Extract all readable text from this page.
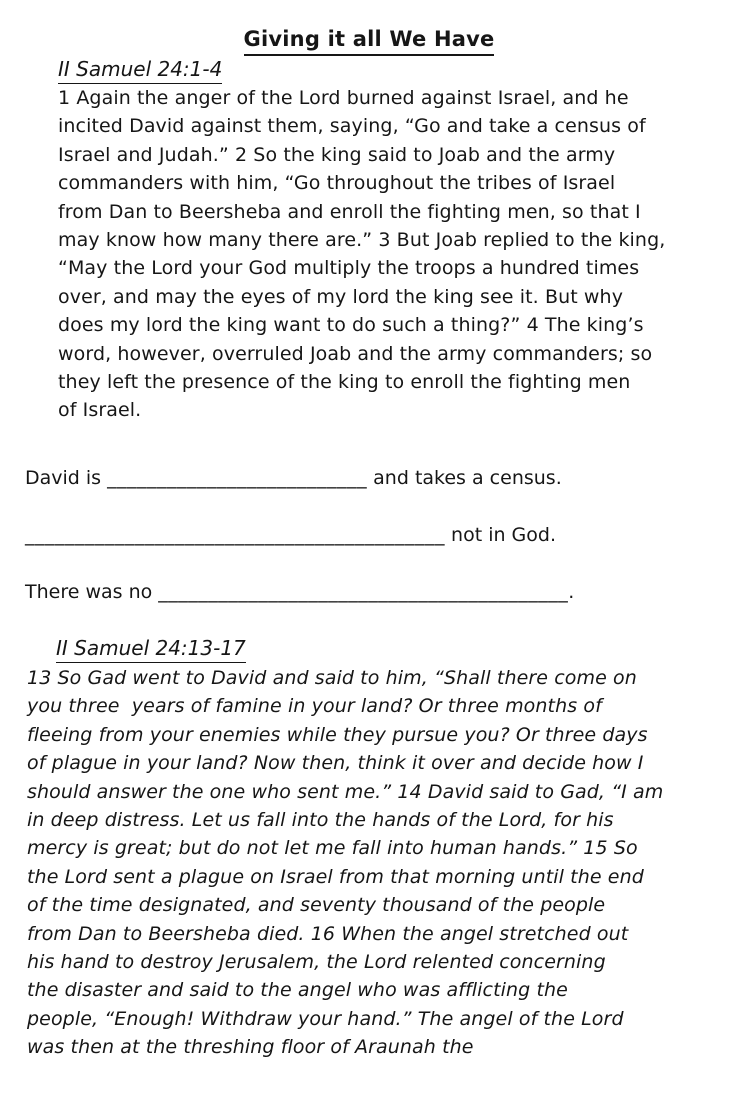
Giving it all We Have
II Samuel 24:1-4
1 Again the anger of the Lord burned against Israel, and he
incited David against them, saying, “Go and take a census of
Israel and Judah.” 2 So the king said to Joab and the army
commanders with him, “Go throughout the tribes of Israel
from Dan to Beersheba and enroll the fighting men, so that I
may know how many there are.” 3 But Joab replied to the king,
“May the Lord your God multiply the troops a hundred times
over, and may the eyes of my lord the king see it. But why
does my lord the king want to do such a thing?” 4 The king’s
word, however, overruled Joab and the army commanders; so
they left the presence of the king to enroll the fighting men
of Israel.
David is __________________________ and takes a census.
__________________________________________ not in God.
There was no _________________________________________.
II Samuel 24:13-17
13 So Gad went to David and said to him, “Shall there come on
you three  years of famine in your land? Or three months of
fleeing from your enemies while they pursue you? Or three days
of plague in your land? Now then, think it over and decide how I
should answer the one who sent me.” 14 David said to Gad, “I am
in deep distress. Let us fall into the hands of the Lord, for his
mercy is great; but do not let me fall into human hands.” 15 So
the Lord sent a plague on Israel from that morning until the end
of the time designated, and seventy thousand of the people
from Dan to Beersheba died. 16 When the angel stretched out
his hand to destroy Jerusalem, the Lord relented concerning
the disaster and said to the angel who was afflicting the
people, “Enough! Withdraw your hand.” The angel of the Lord
was then at the threshing floor of Araunah the
